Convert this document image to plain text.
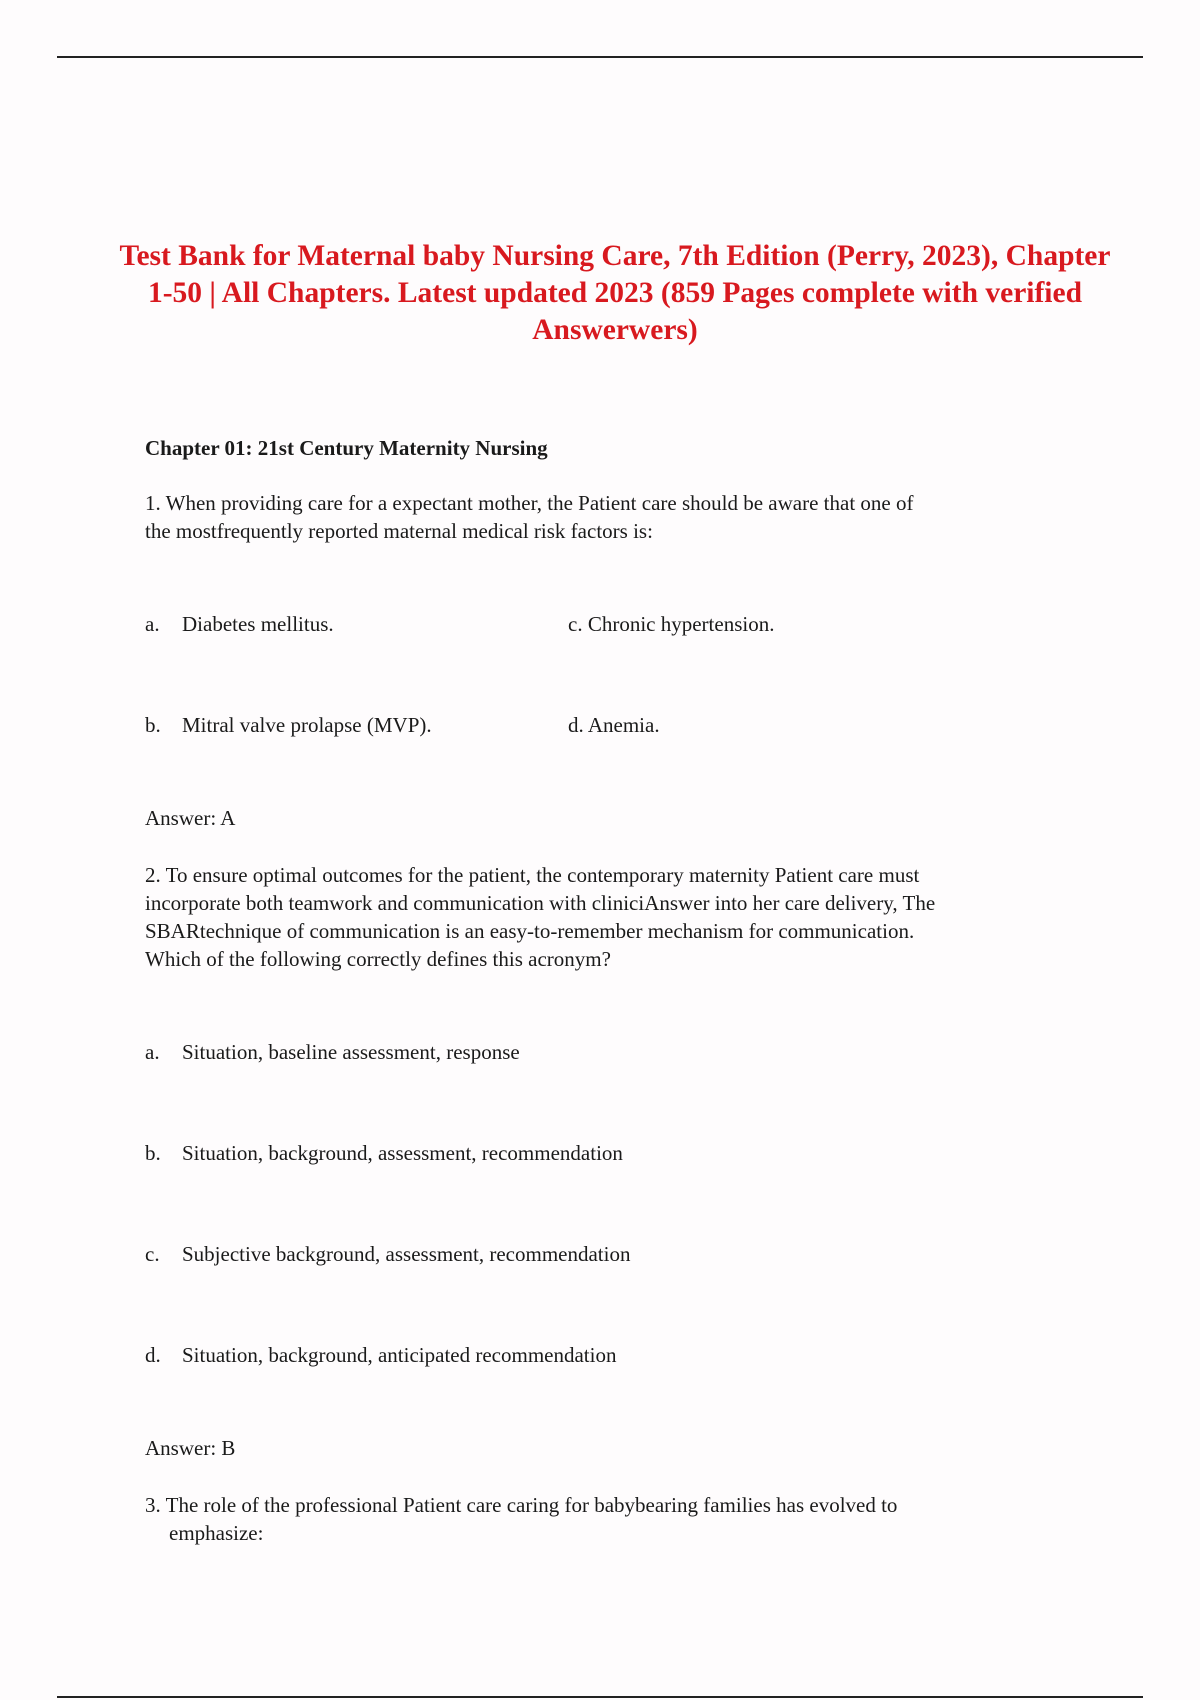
Test Bank for Maternal baby Nursing Care, 7th Edition (Perry, 2023), Chapter 1-50 | All Chapters. Latest updated 2023 (859 Pages complete with verified Answerwers)

Chapter 01: 21st Century Maternity Nursing

1. When providing care for a expectant mother, the Patient care should be aware that one of
the mostfrequently reported maternal medical risk factors is:
a.	Diabetes mellitus.	c. Chronic hypertension.
b.	Mitral valve prolapse (MVP).	d. Anemia.

Answer: A

2. To ensure optimal outcomes for the patient, the contemporary maternity Patient care must
incorporate both teamwork and communication with cliniciAnswer into her care delivery, The
SBARtechnique of communication is an easy-to-remember mechanism for communication.
Which of the following correctly defines this acronym?
a.	Situation, baseline assessment, response
b.	Situation, background, assessment, recommendation
c.	Subjective background, assessment, recommendation
d.	Situation, background, anticipated recommendation

Answer: B

3. The role of the professional Patient care caring for babybearing families has evolved to
emphasize:
